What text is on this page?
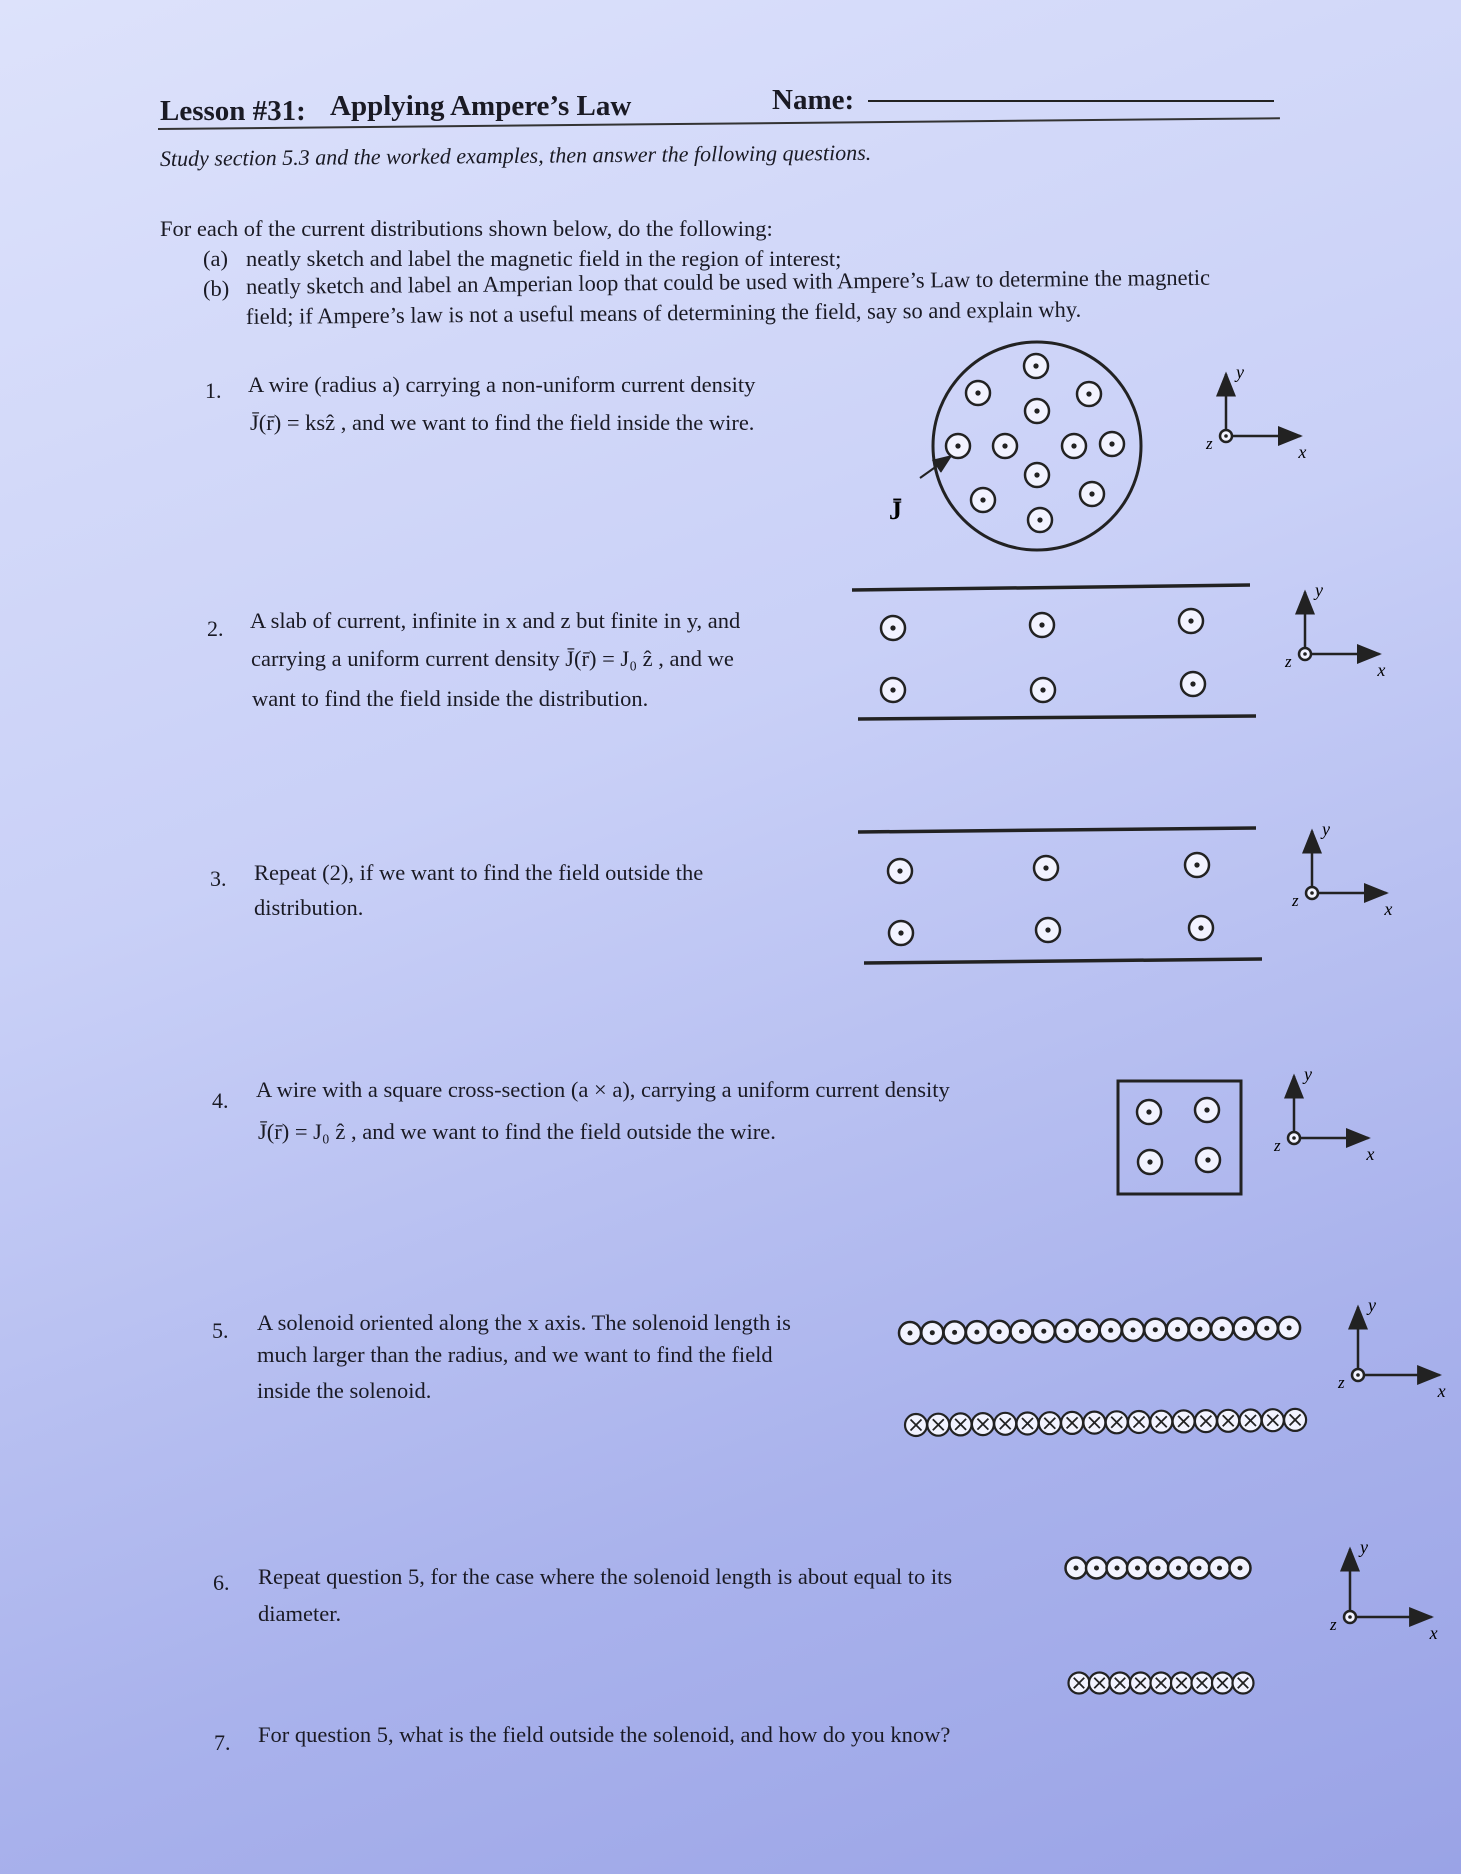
Lesson #31: Applying Ampere’s Law	Name:
Study section 5.3 and the worked examples, then answer the following questions.
For each of the current distributions shown below, do the following:
(a) neatly sketch and label the magnetic field in the region of interest;
(b) neatly sketch and label an Amperian loop that could be used with Ampere’s Law to determine the magnetic
field; if Ampere’s law is not a useful means of determining the field, say so and explain why.
1. A wire (radius a) carrying a non-uniform current density
J̄(r̄) = ksẑ , and we want to find the field inside the wire.
2. A slab of current, infinite in x and z but finite in y, and
carrying a uniform current density J̄(r̄) = J₀ ẑ , and we
want to find the field inside the distribution.
3. Repeat (2), if we want to find the field outside the
distribution.
4. A wire with a square cross-section (a × a), carrying a uniform current density
J̄(r̄) = J₀ ẑ , and we want to find the field outside the wire.
5. A solenoid oriented along the x axis. The solenoid length is
much larger than the radius, and we want to find the field
inside the solenoid.
6. Repeat question 5, for the case where the solenoid length is about equal to its
diameter.
7. For question 5, what is the field outside the solenoid, and how do you know?
J̄
y
x
z
y
x
z
y
x
z
y
x
z
y
x
z
y
x
z
